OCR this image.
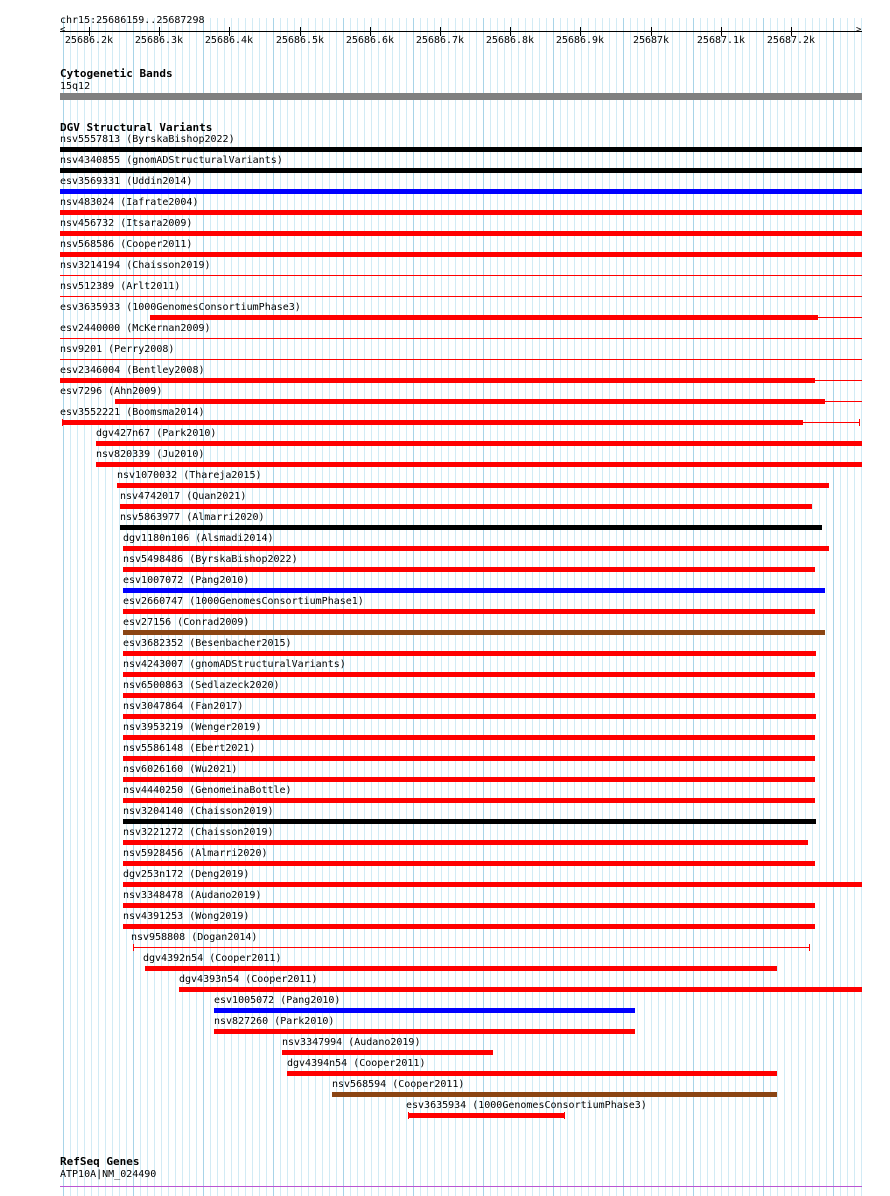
chr15:25686159..25687298
<	>
25686.2k 25686.3k 25686.4k 25686.5k 25686.6k 25686.7k 25686.8k 25686.9k	25687k	25687.1k 25687.2k
Cytogenetic Bands
15q12
DGV Structural Variants
nsv5557813 (ByrskaBishop2022)
nsv4340855 (gnomADStructuralVariants)
esv3569331 (Uddin2014)
nsv483024 (Iafrate2004)
nsv456732 (Itsara2009)
nsv568586 (Cooper2011)
nsv3214194 (Chaisson2019)
nsv512389 (Arlt2011)
esv3635933 (1000GenomesConsortiumPhase3)
esv2440000 (McKernan2009)
nsv9201 (Perry2008)
esv2346004 (Bentley2008)
esv7296 (Ahn2009)
esv3552221 (Boomsma2014)
dgv427n67 (Park2010)
nsv820339 (Ju2010)
nsv1070032 (Thareja2015)
nsv4742017 (Quan2021)
nsv5863977 (Almarri2020)
dgv1180n106 (Alsmadi2014)
nsv5498486 (ByrskaBishop2022)
esv1007072 (Pang2010)
esv2660747 (1000GenomesConsortiumPhase1)
esv27156 (Conrad2009)
esv3682352 (Besenbacher2015)
nsv4243007 (gnomADStructuralVariants)
nsv6500863 (Sedlazeck2020)
nsv3047864 (Fan2017)
nsv3953219 (Wenger2019)
nsv5586148 (Ebert2021)
nsv6026160 (Wu2021)
nsv4440250 (GenomeinaBottle)
nsv3204140 (Chaisson2019)
nsv3221272 (Chaisson2019)
nsv5928456 (Almarri2020)
dgv253n172 (Deng2019)
nsv3348478 (Audano2019)
nsv4391253 (Wong2019)
nsv958808 (Dogan2014)
dgv4392n54 (Cooper2011)
dgv4393n54 (Cooper2011)
esv1005072 (Pang2010)
nsv827260 (Park2010)
nsv3347994 (Audano2019)
dgv4394n54 (Cooper2011)
nsv568594 (Cooper2011)
esv3635934 (1000GenomesConsortiumPhase3)
RefSeq Genes
ATP10A|NM_024490
